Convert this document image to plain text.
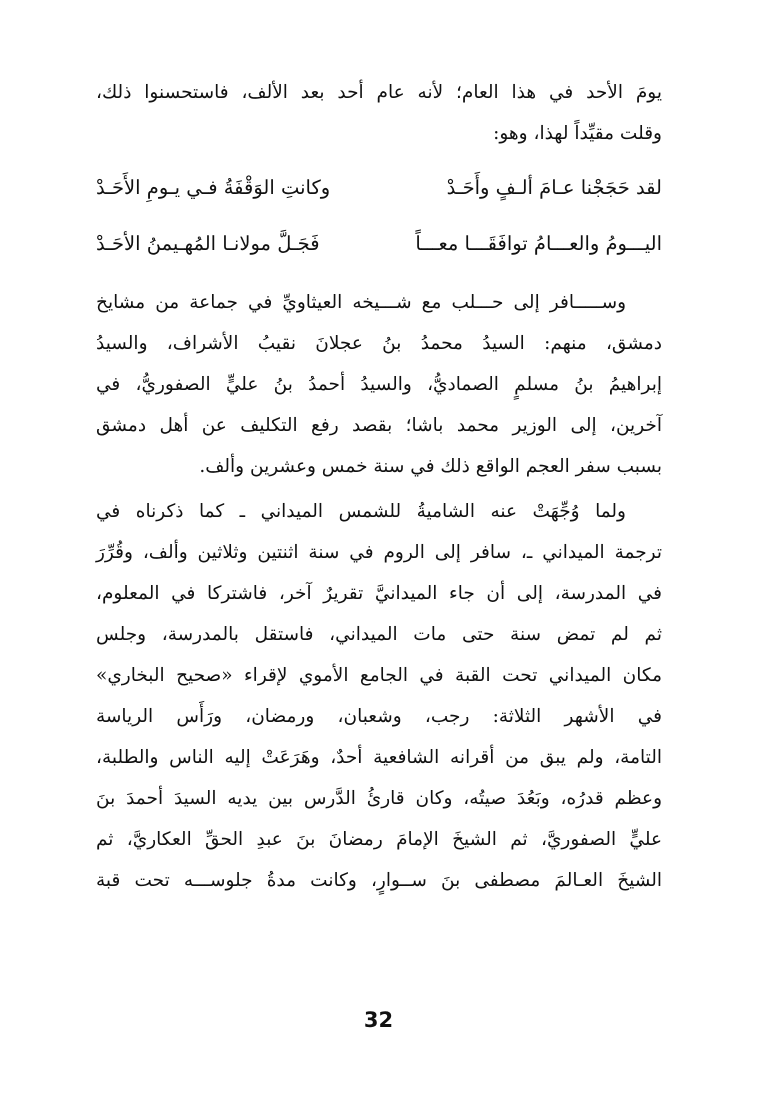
يومَ الأحد في هذا العام؛ لأنه عام أحد بعد الألف، فاستحسنوا ذلك،
وقلت مقيِّداً لهذا، وهو:

لقد حَجَجْنا عـامَ ألـفٍ وأَحَـدْ
وكانتِ الوَقْفَةُ فـي يـومِ الأَحَـدْ
اليـــومُ والعـــامُ توافَقَـــا معـــاً
فَجَـلَّ مولانـا المُهـيمنُ الأحَـدْ

وســـــافر إلى حـــلب مع شـــيخه العيثاويِّ في جماعة من مشايخ
دمشق، منهم: السيدُ محمدُ بنُ عجلانَ نقيبُ الأشراف، والسيدُ
إبراهيمُ بنُ مسلمٍ الصماديُّ، والسيدُ أحمدُ بنُ عليٍّ الصفوريُّ، في
آخرين، إلى الوزير محمد باشا؛ بقصد رفع التكليف عن أهل دمشق
بسبب سفر العجم الواقع ذلك في سنة خمس وعشرين وألف.

ولما وُجِّهَتْ عنه الشاميةُ للشمس الميداني ـ كما ذكرناه في
ترجمة الميداني ـ، سافر إلى الروم في سنة اثنتين وثلاثين وألف، وقُرِّرَ
في المدرسة، إلى أن جاء الميدانيَّ تقريرٌ آخر، فاشتركا في المعلوم،
ثم لم تمض سنة حتى مات الميداني، فاستقل بالمدرسة، وجلس
مكان الميداني تحت القبة في الجامع الأموي لإقراء «صحيح البخاري»
في الأشهر الثلاثة: رجب، وشعبان، ورمضان، ورَأَس الرياسة
التامة، ولم يبق من أقرانه الشافعية أحدٌ، وهَرَعَتْ إليه الناس والطلبة،
وعظم قدرُه، وبَعُدَ صيتُه، وكان قارئُ الدَّرس بين يديه السيدَ أحمدَ بنَ
عليٍّ الصفوريَّ، ثم الشيخَ الإمامَ رمضانَ بنَ عبدِ الحقِّ العكاريَّ، ثم
الشيخَ العـالمَ مصطفى بنَ ســوارٍ، وكانت مدةُ جلوســـه تحت قبة

32
